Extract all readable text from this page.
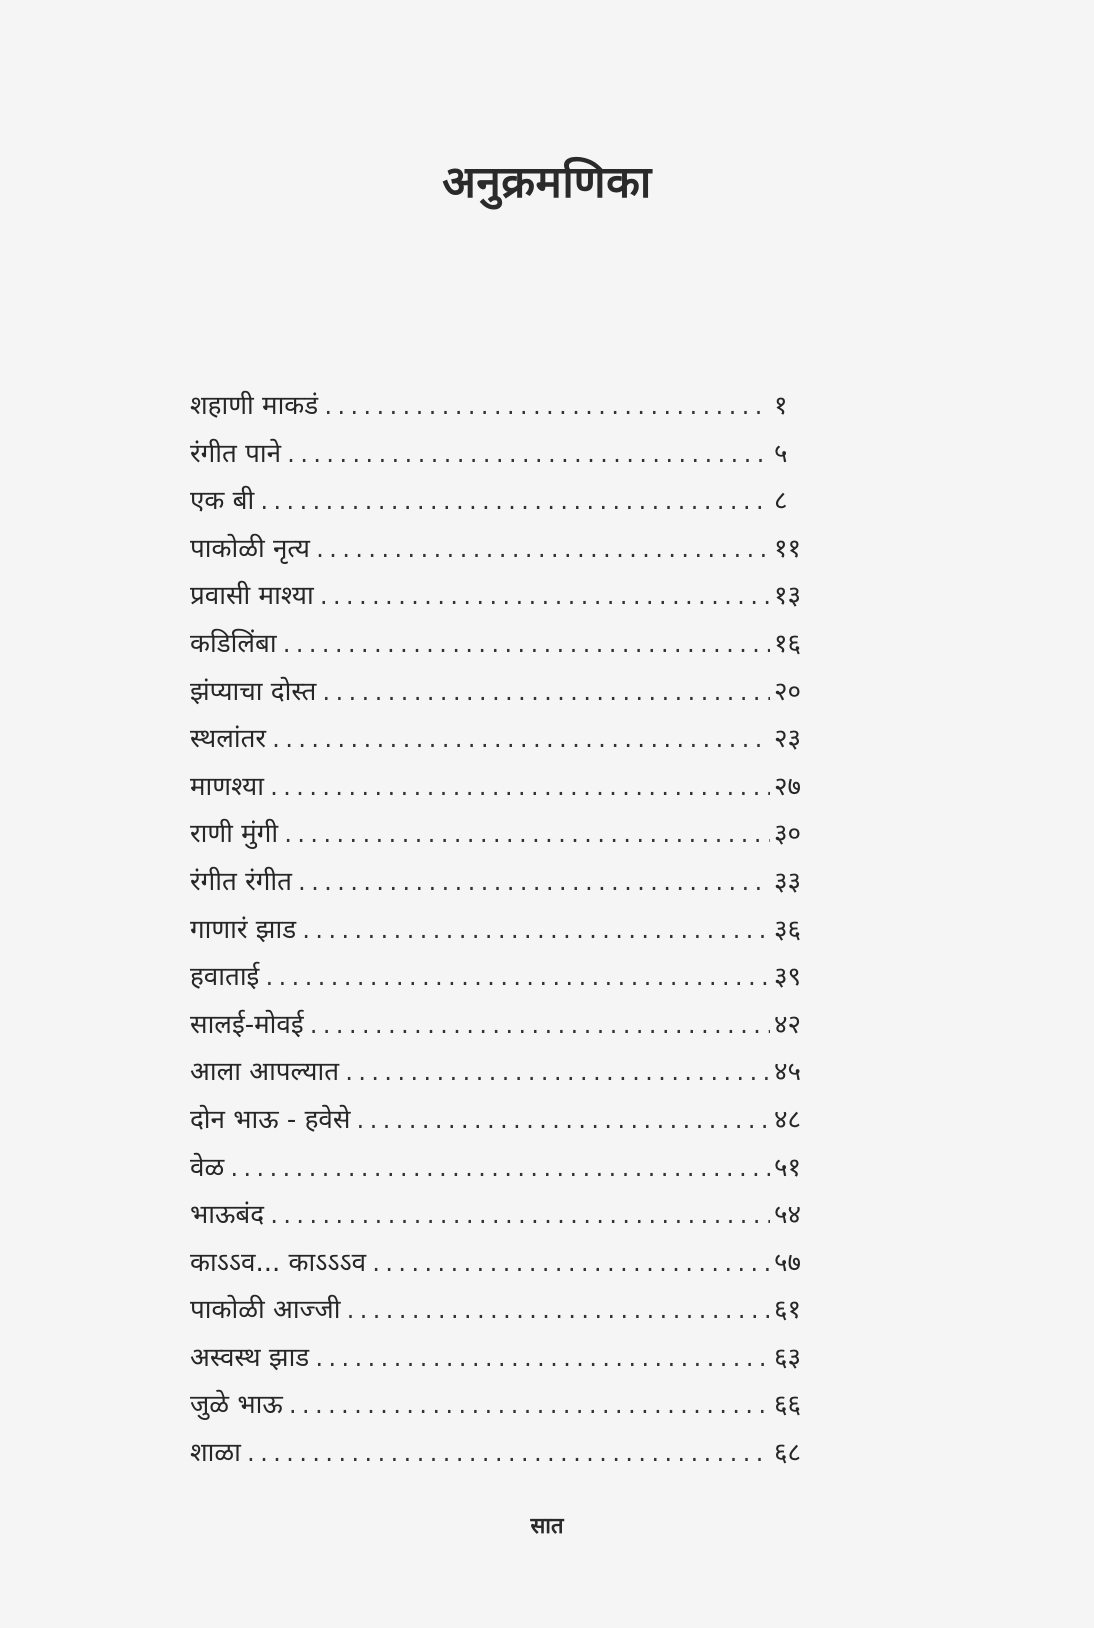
अनुक्रमणिका
शहाणी माकडं .....	१
रंगीत पाने .....	५
एक बी .....	८
पाकोळी नृत्य .....	११
प्रवासी माश्या .....	१३
कडिलिंबा .....	१६
झंप्याचा दोस्त .....	२०
स्थलांतर .....	२३
माणश्या .....	२७
राणी मुंगी .....	३०
रंगीत रंगीत .....	३३
गाणारं झाड .....	३६
हवाताई .....	३९
सालई-मोवई .....	४२
आला आपल्यात .....	४५
दोन भाऊ - हवेसे .....	४८
वेळ .....	५१
भाऊबंद .....	५४
काऽऽव... काऽऽऽव .....	५७
पाकोळी आज्जी .....	६१
अस्वस्थ झाड .....	६३
जुळे भाऊ .....	६६
शाळा .....	६८
सात
